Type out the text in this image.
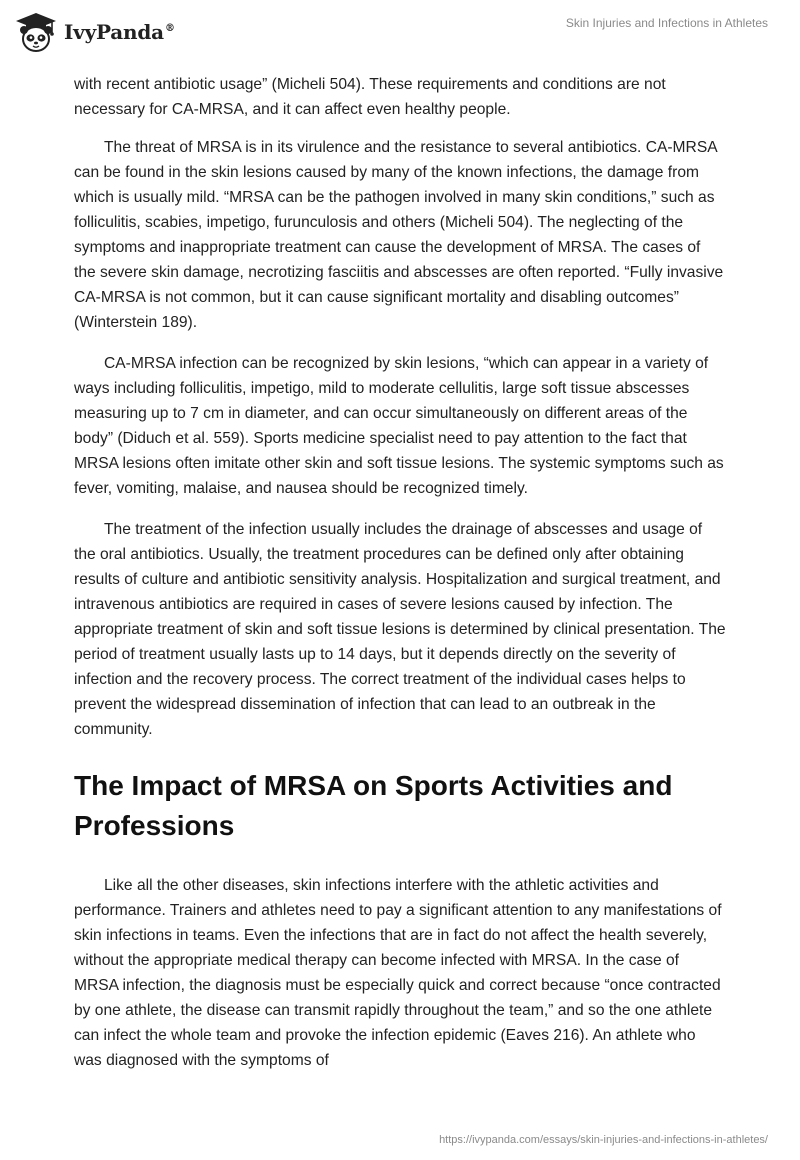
IvyPanda®	Skin Injuries and Infections in Athletes

with recent antibiotic usage” (Micheli 504). These requirements and conditions are not necessary for CA-MRSA, and it can affect even healthy people.

The threat of MRSA is in its virulence and the resistance to several antibiotics. CA-MRSA can be found in the skin lesions caused by many of the known infections, the damage from which is usually mild. “MRSA can be the pathogen involved in many skin conditions,” such as folliculitis, scabies, impetigo, furunculosis and others (Micheli 504). The neglecting of the symptoms and inappropriate treatment can cause the development of MRSA. The cases of the severe skin damage, necrotizing fasciitis and abscesses are often reported. “Fully invasive CA-MRSA is not common, but it can cause significant mortality and disabling outcomes” (Winterstein 189).

CA-MRSA infection can be recognized by skin lesions, “which can appear in a variety of ways including folliculitis, impetigo, mild to moderate cellulitis, large soft tissue abscesses measuring up to 7 cm in diameter, and can occur simultaneously on different areas of the body” (Diduch et al. 559). Sports medicine specialist need to pay attention to the fact that MRSA lesions often imitate other skin and soft tissue lesions. The systemic symptoms such as fever, vomiting, malaise, and nausea should be recognized timely.

The treatment of the infection usually includes the drainage of abscesses and usage of the oral antibiotics. Usually, the treatment procedures can be defined only after obtaining results of culture and antibiotic sensitivity analysis. Hospitalization and surgical treatment, and intravenous antibiotics are required in cases of severe lesions caused by infection. The appropriate treatment of skin and soft tissue lesions is determined by clinical presentation. The period of treatment usually lasts up to 14 days, but it depends directly on the severity of infection and the recovery process. The correct treatment of the individual cases helps to prevent the widespread dissemination of infection that can lead to an outbreak in the community.

The Impact of MRSA on Sports Activities and Professions

Like all the other diseases, skin infections interfere with the athletic activities and performance. Trainers and athletes need to pay a significant attention to any manifestations of skin infections in teams. Even the infections that are in fact do not affect the health severely, without the appropriate medical therapy can become infected with MRSA. In the case of MRSA infection, the diagnosis must be especially quick and correct because “once contracted by one athlete, the disease can transmit rapidly throughout the team,” and so the one athlete can infect the whole team and provoke the infection epidemic (Eaves 216). An athlete who was diagnosed with the symptoms of

https://ivypanda.com/essays/skin-injuries-and-infections-in-athletes/
